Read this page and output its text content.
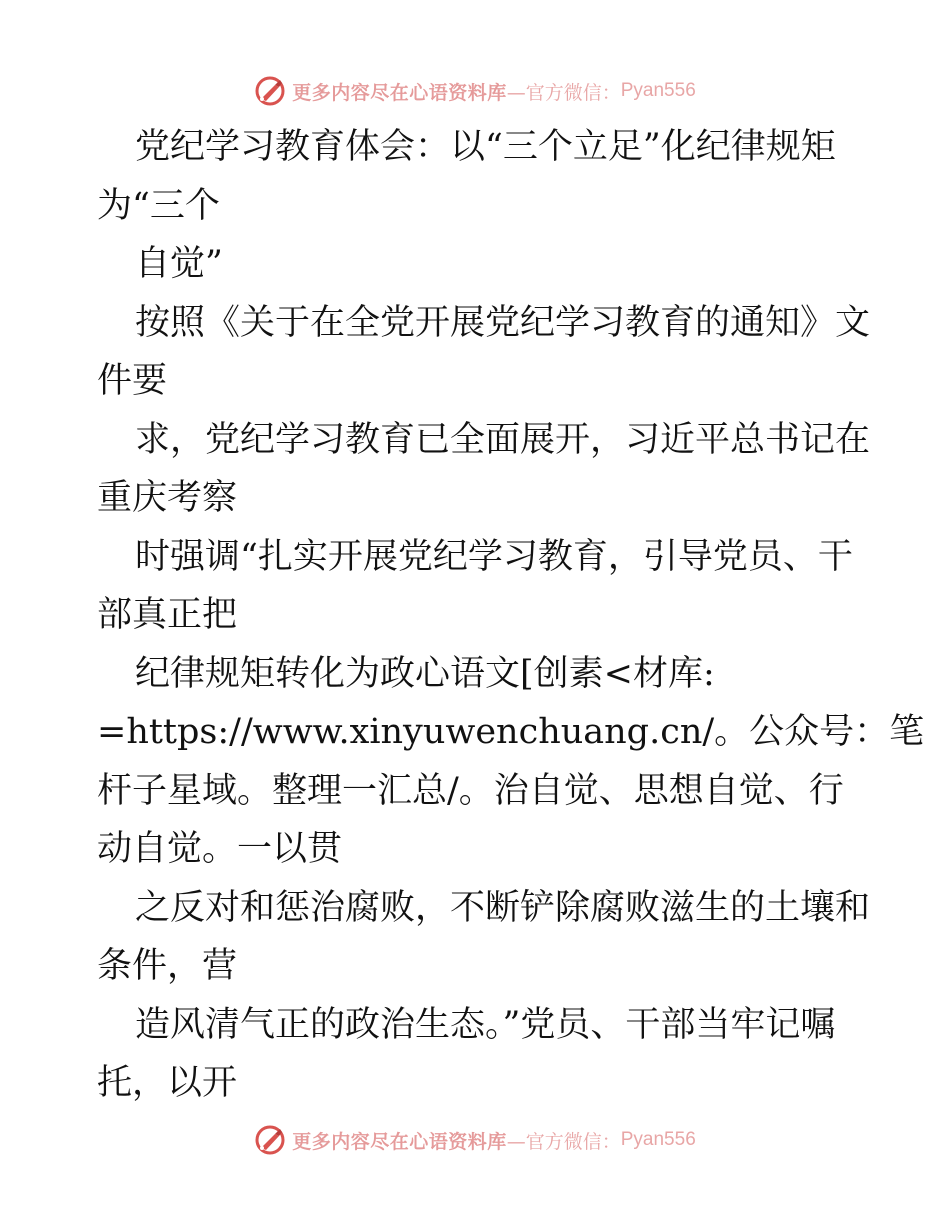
更多内容尽在心语资料库 —官方微信： Pyan556
党纪学习教育体会：以“三个立足”化纪律规矩
为“三个
自觉”
按照《关于在全党开展党纪学习教育的通知》文
件要
求，党纪学习教育已全面展开，习近平总书记在
重庆考察
时强调“扎实开展党纪学习教育，引导党员、干
部真正把
纪律规矩转化为政心语文[创素<材库:
=https://www.xinyuwenchuang.cn/。公众号：笔
杆子星域。整理一汇总/。治自觉、思想自觉、行
动自觉。一以贯
之反对和惩治腐败，不断铲除腐败滋生的土壤和
条件，营
造风清气正的政治生态。”党员、干部当牢记嘱
托，以开
更多内容尽在心语资料库 —官方微信： Pyan556
